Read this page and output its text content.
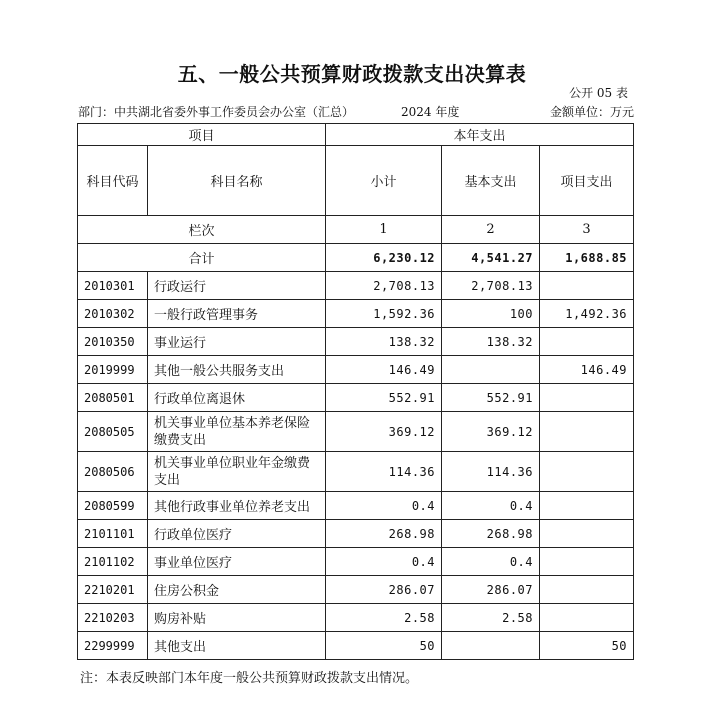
五、一般公共预算财政拨款支出决算表
公开 05 表
部门：中共湖北省委外事工作委员会办公室（汇总）	2024 年度	金额单位：万元
项目		本年支出		
科目代码	科目名称	小计	基本支出	项目支出
栏次		1	2	3
合计		6,230.12	4,541.27	1,688.85
2010301	行政运行	2,708.13	2,708.13	
2010302	一般行政管理事务	1,592.36	100	1,492.36
2010350	事业运行	138.32	138.32	
2019999	其他一般公共服务支出	146.49		146.49
2080501	行政单位离退休	552.91	552.91	
2080505	机关事业单位基本养老保险缴费支出	369.12	369.12	
2080506	机关事业单位职业年金缴费支出	114.36	114.36	
2080599	其他行政事业单位养老支出	0.4	0.4	
2101101	行政单位医疗	268.98	268.98	
2101102	事业单位医疗	0.4	0.4	
2210201	住房公积金	286.07	286.07	
2210203	购房补贴	2.58	2.58	
2299999	其他支出	50		50
注：本表反映部门本年度一般公共预算财政拨款支出情况。
